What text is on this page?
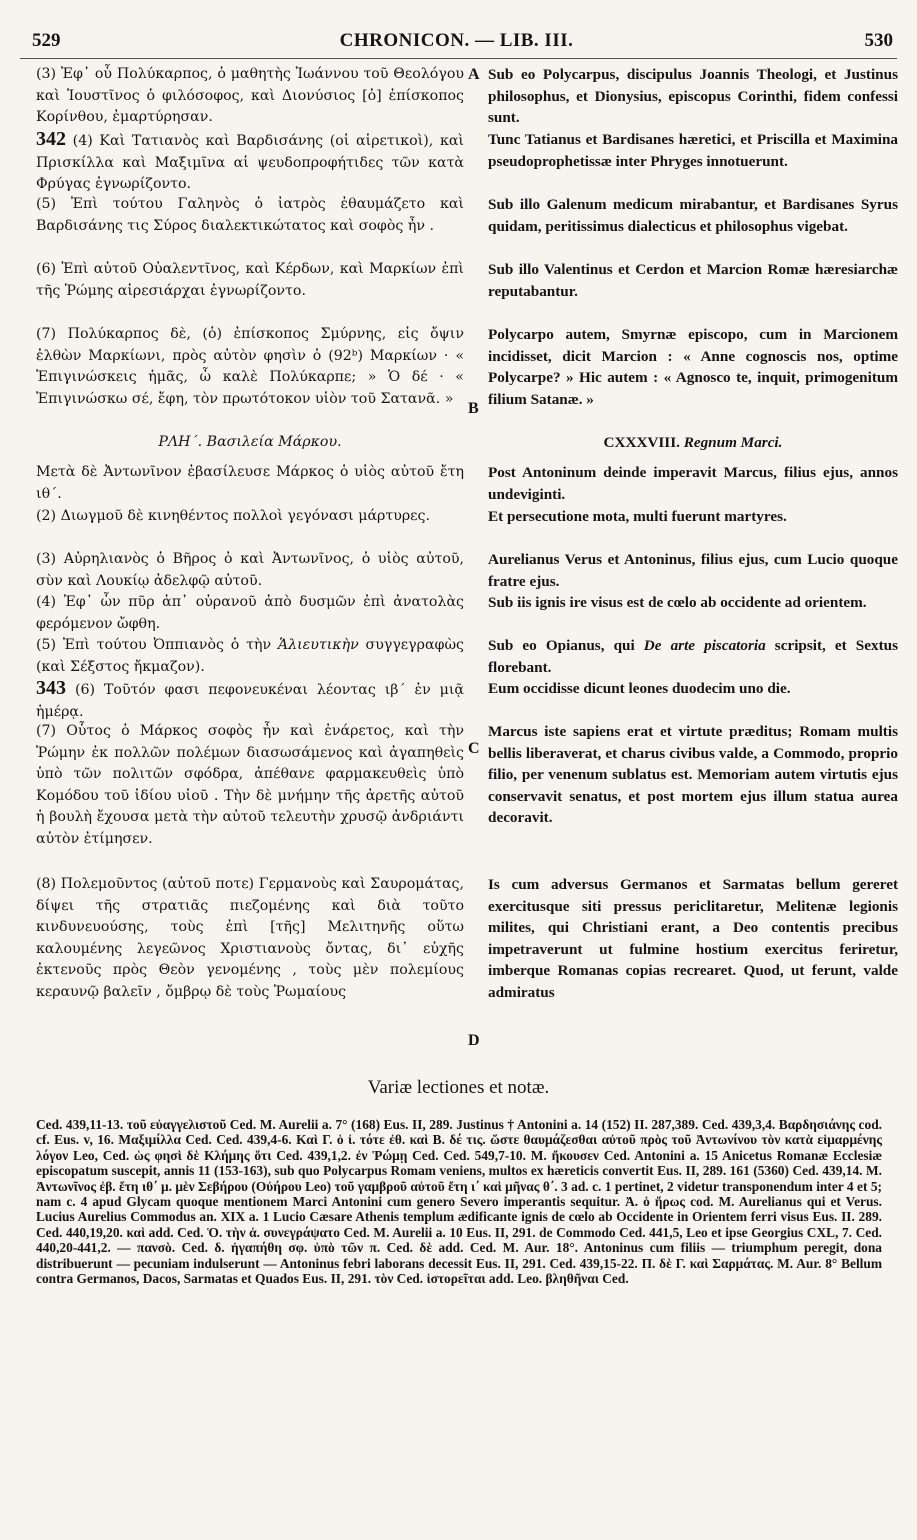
529	CHRONICON. — LIB. III.	530

(3) Ἐφ᾿ οὗ Πολύκαρπος, ὁ μαθητὴς Ἰωάννου τοῦ Θεολόγου καὶ Ἰουστῖνος ὁ φιλόσοφος, καὶ Διονύσιος [ὁ] ἐπίσκοπος Κορίνθου, ἐμαρτύρησαν.

342 (4) Καὶ Τατιανὸς καὶ Βαρδισάνης (οἱ αἱρετικοὶ), καὶ Πρισκίλλα καὶ Μαξιμῖνα αἱ ψευδοπροφήτιδες τῶν κατὰ Φρύγας ἐγνωρίζοντο.

(5) Ἐπὶ τούτου Γαληνὸς ὁ ἰατρὸς ἐθαυμάζετο καὶ Βαρδισάνης τις Σύρος διαλεκτικώτατος καὶ σοφὸς ἦν .

(6) Ἐπὶ αὐτοῦ Οὐαλεντῖνος, καὶ Κέρδων, καὶ Μαρκίων ἐπὶ τῆς Ῥώμης αἱρεσιάρχαι ἐγνωρίζοντο.

(7) Πολύκαρπος δὲ, (ὁ) ἐπίσκοπος Σμύρνης, εἰς ὄψιν ἐλθὼν Μαρκίωνι, πρὸς αὐτὸν φησὶν ὁ (92ᵇ) Μαρκίων · « Ἐπιγινώσκεις ἡμᾶς, ὦ καλὲ Πολύκαρπε; » Ὁ δέ · « Ἐπιγινώσκω σέ, ἔφη, τὸν πρωτότοκον υἱὸν τοῦ Σατανᾶ. »

ΡΛΗ΄. Βασιλεία Μάρκου.

Μετὰ δὲ Ἀντωνῖνον ἐβασίλευσε Μάρκος ὁ υἱὸς αὐτοῦ ἔτη ιθ΄.

(2) Διωγμοῦ δὲ κινηθέντος πολλοὶ γεγόνασι μάρτυρες.

(3) Αὐρηλιανὸς ὁ Βῆρος ὁ καὶ Ἀντωνῖνος, ὁ υἱὸς αὐτοῦ, σὺν καὶ Λουκίῳ ἀδελφῷ αὐτοῦ.

(4) Ἐφ᾿ ὧν πῦρ ἀπ᾿ οὐρανοῦ ἀπὸ δυσμῶν ἐπὶ ἀνατολὰς φερόμενον ὤφθη.

(5) Ἐπὶ τούτου Ὀππιανὸς ὁ τὴν Ἁλιευτικὴν συγγεγραφὼς (καὶ Σέξστος ἤκμαζον).

343 (6) Τοῦτόν φασι πεφονευκέναι λέοντας ιβ΄ ἐν μιᾷ ἡμέρᾳ.

(7) Οὗτος ὁ Μάρκος σοφὸς ἦν καὶ ἐνάρετος, καὶ τὴν Ῥώμην ἐκ πολλῶν πολέμων διασωσάμενος καὶ ἀγαπηθεὶς ὑπὸ τῶν πολιτῶν σφόδρα, ἀπέθανε φαρμακευθεὶς ὑπὸ Κομόδου τοῦ ἰδίου υἱοῦ . Τὴν δὲ μνήμην τῆς ἀρετῆς αὐτοῦ ἡ βουλὴ ἔχουσα μετὰ τὴν αὐτοῦ τελευτὴν χρυσῷ ἀνδριάντι αὐτὸν ἐτίμησεν.

(8) Πολεμοῦντος (αὐτοῦ ποτε) Γερμανοὺς καὶ Σαυρομάτας, δίψει τῆς στρατιᾶς πιεζομένης καὶ διὰ τοῦτο κινδυνευούσης, τοὺς ἐπὶ [τῆς] Μελιτηνῆς οὕτω καλουμένης λεγεῶνος Χριστιανοὺς ὄντας, δι᾿ εὐχῆς ἐκτενοῦς πρὸς Θεὸν γενομένης , τοὺς μὲν πολεμίους κεραυνῷ βαλεῖν , ὄμβρῳ δὲ τοὺς Ῥωμαίους

A
B
C
D

Sub eo Polycarpus, discipulus Joannis Theologi, et Justinus philosophus, et Dionysius, episcopus Corinthi, fidem confessi sunt.

Tunc Tatianus et Bardisanes hæretici, et Priscilla et Maximina pseudoprophetissæ inter Phryges innotuerunt.

Sub illo Galenum medicum mirabantur, et Bardisanes Syrus quidam, peritissimus dialecticus et philosophus vigebat.

Sub illo Valentinus et Cerdon et Marcion Romæ hæresiarchæ reputabantur.

Polycarpo autem, Smyrnæ episcopo, cum in Marcionem incidisset, dicit Marcion : « Anne cognoscis nos, optime Polycarpe? » Hic autem : « Agnosco te, inquit, primogenitum filium Satanæ. »

CXXXVIII. Regnum Marci.

Post Antoninum deinde imperavit Marcus, filius ejus, annos undeviginti.

Et persecutione mota, multi fuerunt martyres.

Aurelianus Verus et Antoninus, filius ejus, cum Lucio quoque fratre ejus.

Sub iis ignis ire visus est de cœlo ab occidente ad orientem.

Sub eo Opianus, qui De arte piscatoria scripsit, et Sextus florebant.

Eum occidisse dicunt leones duodecim uno die.

Marcus iste sapiens erat et virtute præditus; Romam multis bellis liberaverat, et charus civibus valde, a Commodo, proprio filio, per venenum sublatus est. Memoriam autem virtutis ejus conservavit senatus, et post mortem ejus illum statua aurea decoravit.

Is cum adversus Germanos et Sarmatas bellum gereret exercitusque siti pressus periclitaretur, Melitenæ legionis milites, qui Christiani erant, a Deo contentis precibus impetraverunt ut fulmine hostium exercitus feriretur, imberque Romanas copias recrearet. Quod, ut ferunt, valde admiratus

Variæ lectiones et notæ.
Ced. 439,11-13. τοῦ εὐαγγελιστοῦ Ced. M. Aurelii a. 7° (168) Eus. II, 289. Justinus † Antonini a. 14 (152) II. 287,389. Ced. 439,3,4. Βαρδησιάνης cod. cf. Eus. v, 16. Μαξιμίλλα Ced. Ced. 439,4-6. Καὶ Γ. ὁ ἰ. τότε ἐθ. καὶ Β. δέ τις. ὥστε θαυμάζεσθαι αὐτοῦ πρὸς τοῦ Ἀντωνίνου τὸν κατὰ εἱμαρμένης λόγον Leo, Ced. ὡς φησὶ δὲ Κλήμης ὅτι Ced. 439,1,2. ἐν Ῥώμῃ Ced. Ced. 549,7-10. M. ἤκουσεν Ced. Antonini a. 15 Anicetus Romanæ Ecclesiæ episcopatum suscepit, annis 11 (153-163), sub quo Polycarpus Romam veniens, multos ex hæreticis convertit Eus. II, 289. 161 (5360) Ced. 439,14. M. Ἀντωνῖνος ἐβ. ἔτη ιθ΄ μ. μὲν Σεβήρου (Οὐήρου Leo) τοῦ γαμβροῦ αὐτοῦ ἔτη ι΄ καὶ μῆνας θ΄. 3 ad. c. 1 pertinet, 2 videtur transponendum inter 4 et 5; nam c. 4 apud Glycam quoque mentionem Marci Antonini cum genero Severo imperantis sequitur. Ἀ. ὁ ἥρως cod. M. Aurelianus qui et Verus. Lucius Aurelius Commodus an. XIX a. 1 Lucio Cæsare Athenis templum ædificante ignis de cœlo ab Occidente in Orientem ferri visus Eus. II. 289. Ced. 440,19,20. καὶ add. Ced. Ὁ. τὴν ἀ. συνεγράψατο Ced. M. Aurelii a. 10 Eus. II, 291. de Commodo Ced. 441,5, Leo et ipse Georgius CXL, 7. Ced. 440,20-441,2. — πανσὸ. Ced. δ. ἠγαπήθη σφ. ὑπὸ τῶν π. Ced. δὲ add. Ced. M. Aur. 18°. Antoninus cum filiis — triumphum peregit, dona distribuerunt — pecuniam indulserunt — Antoninus febri laborans decessit Eus. II, 291. Ced. 439,15-22. Π. δὲ Γ. καὶ Σαρμάτας. M. Aur. 8° Bellum contra Germanos, Dacos, Sarmatas et Quados Eus. II, 291. τὸν Ced. ἱστορεῖται add. Leo. βληθῆναι Ced.
